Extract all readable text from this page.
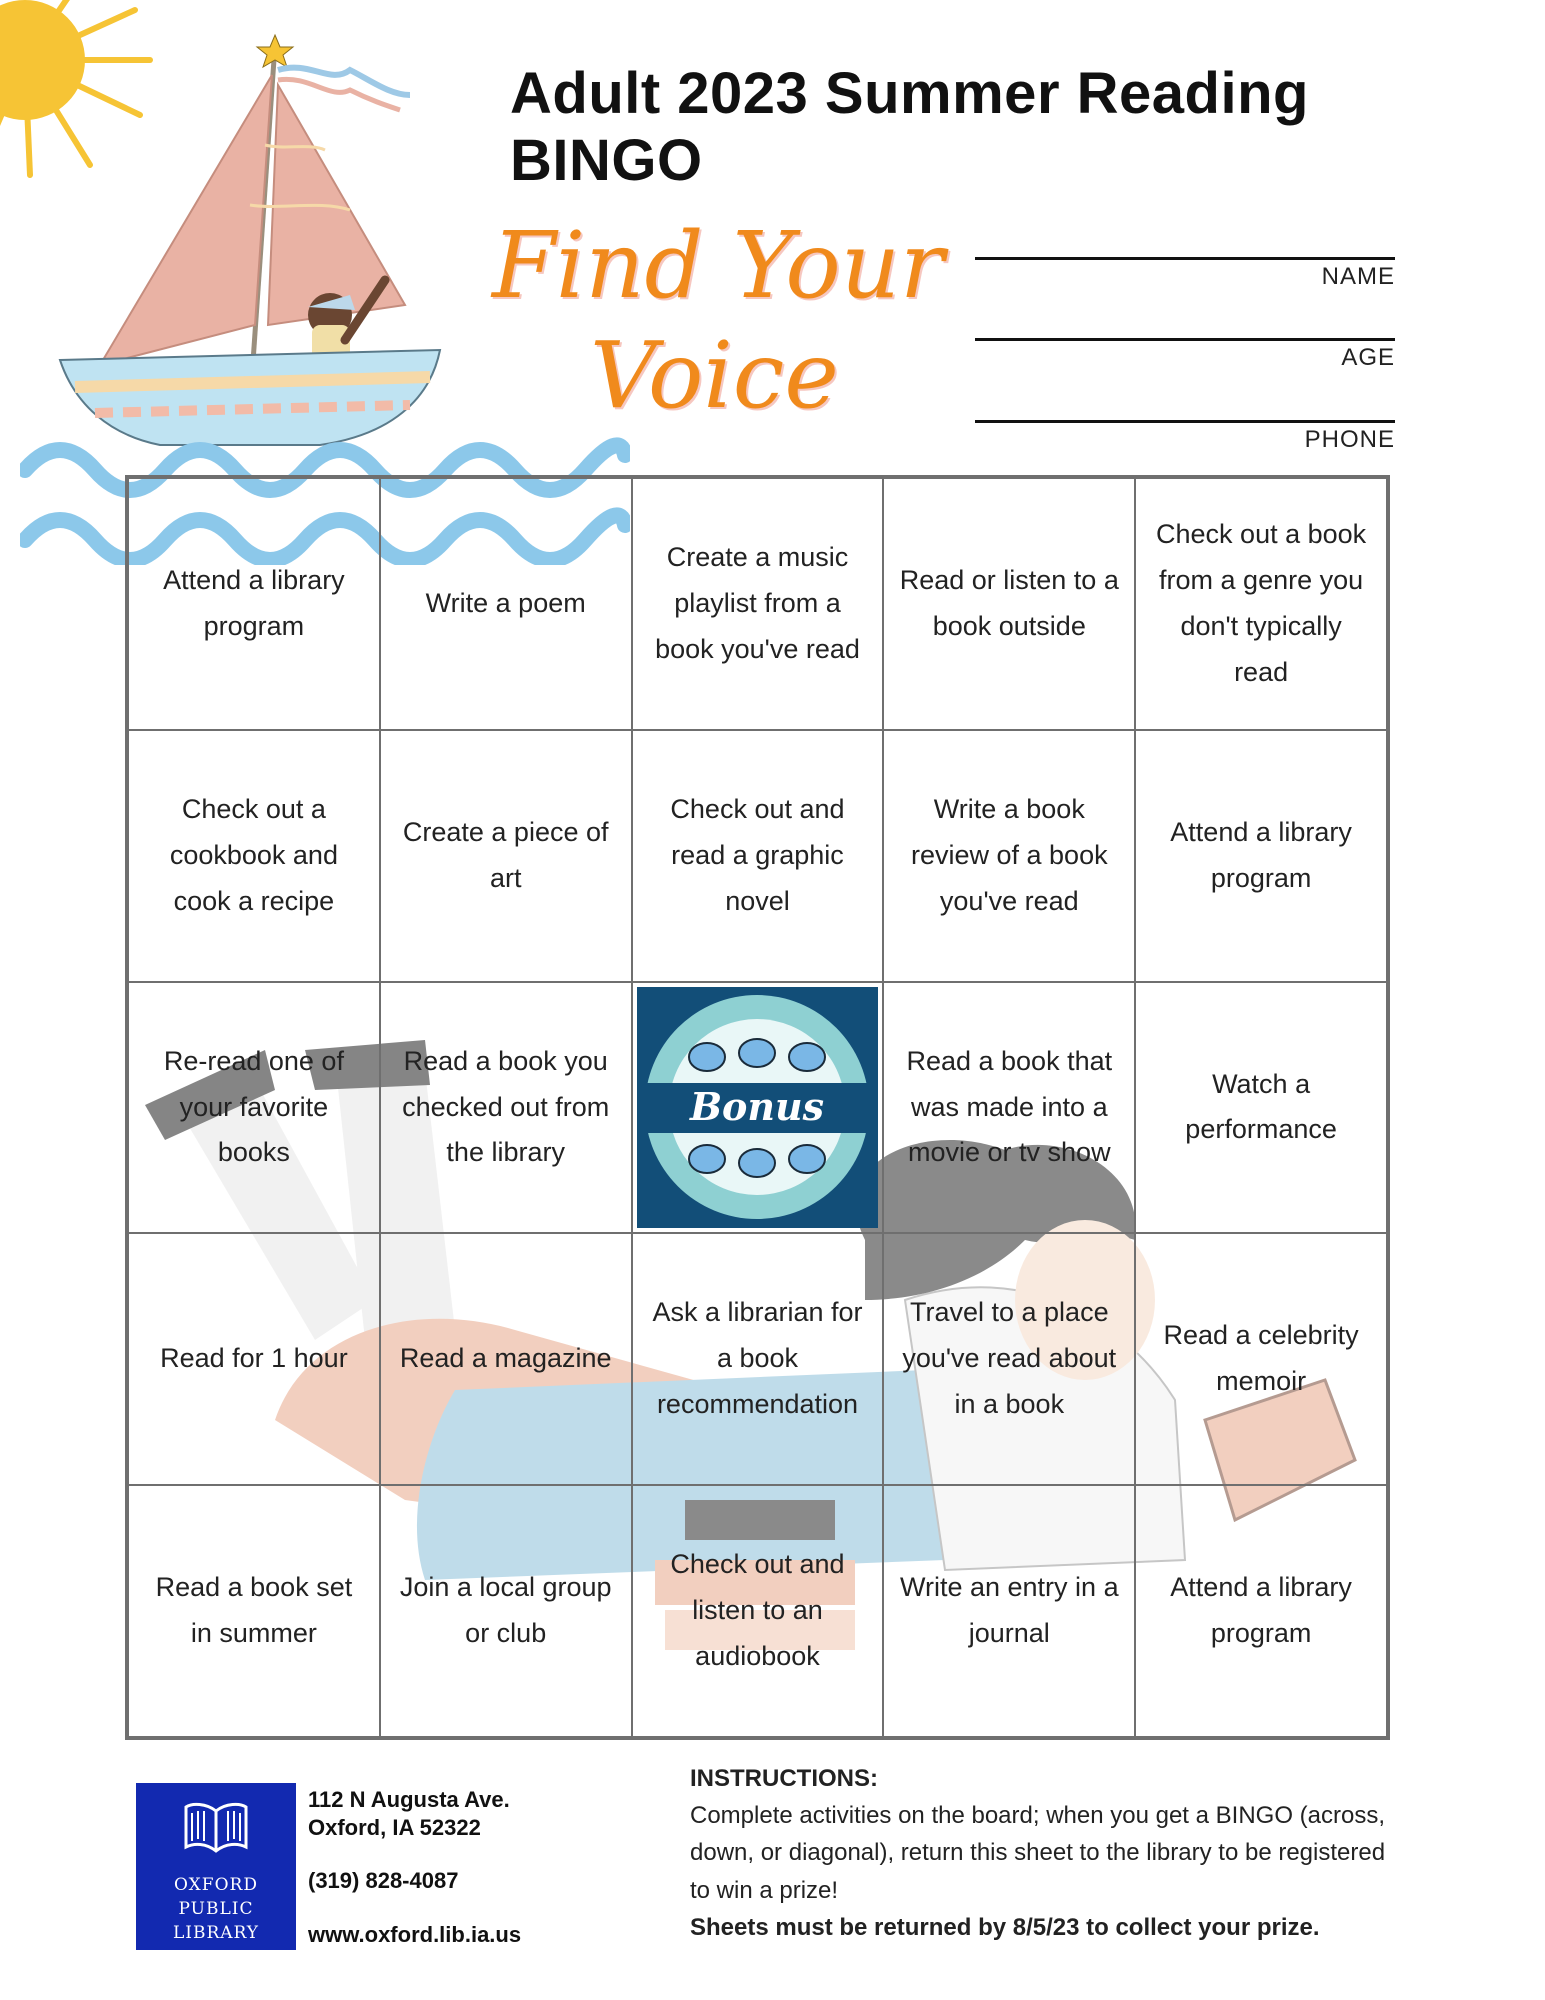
Adult 2023 Summer Reading BINGO
Find Your
Voice
NAME
AGE
PHONE
Attend a library program
Write a poem
Create a music playlist from a book you've read
Read or listen to a book outside
Check out a book from a genre you don't typically read
Check out a cookbook and cook a recipe
Create a piece of art
Check out and read a graphic novel
Write a book review of a book you've read
Attend a library program
Re-read one of your favorite books
Read a book you checked out from the library
Bonus
Read a book that was made into a movie or tv show
Watch a performance
Read for 1 hour	Read a magazine
Ask a librarian for a book recommendation
Travel to a place you've read about in a book
Read a celebrity memoir
Read a book set in summer
Join a local group or club
Check out and listen to an audiobook
Write an entry in a journal
Attend a library program
OXFORD
PUBLIC
LIBRARY
112 N Augusta Ave.
Oxford, IA 52322
(319) 828-4087
www.oxford.lib.ia.us
INSTRUCTIONS:
Complete activities on the board; when you get a BINGO (across, down, or diagonal), return this sheet to the library to be registered to win a prize!
Sheets must be returned by 8/5/23 to collect your prize.
